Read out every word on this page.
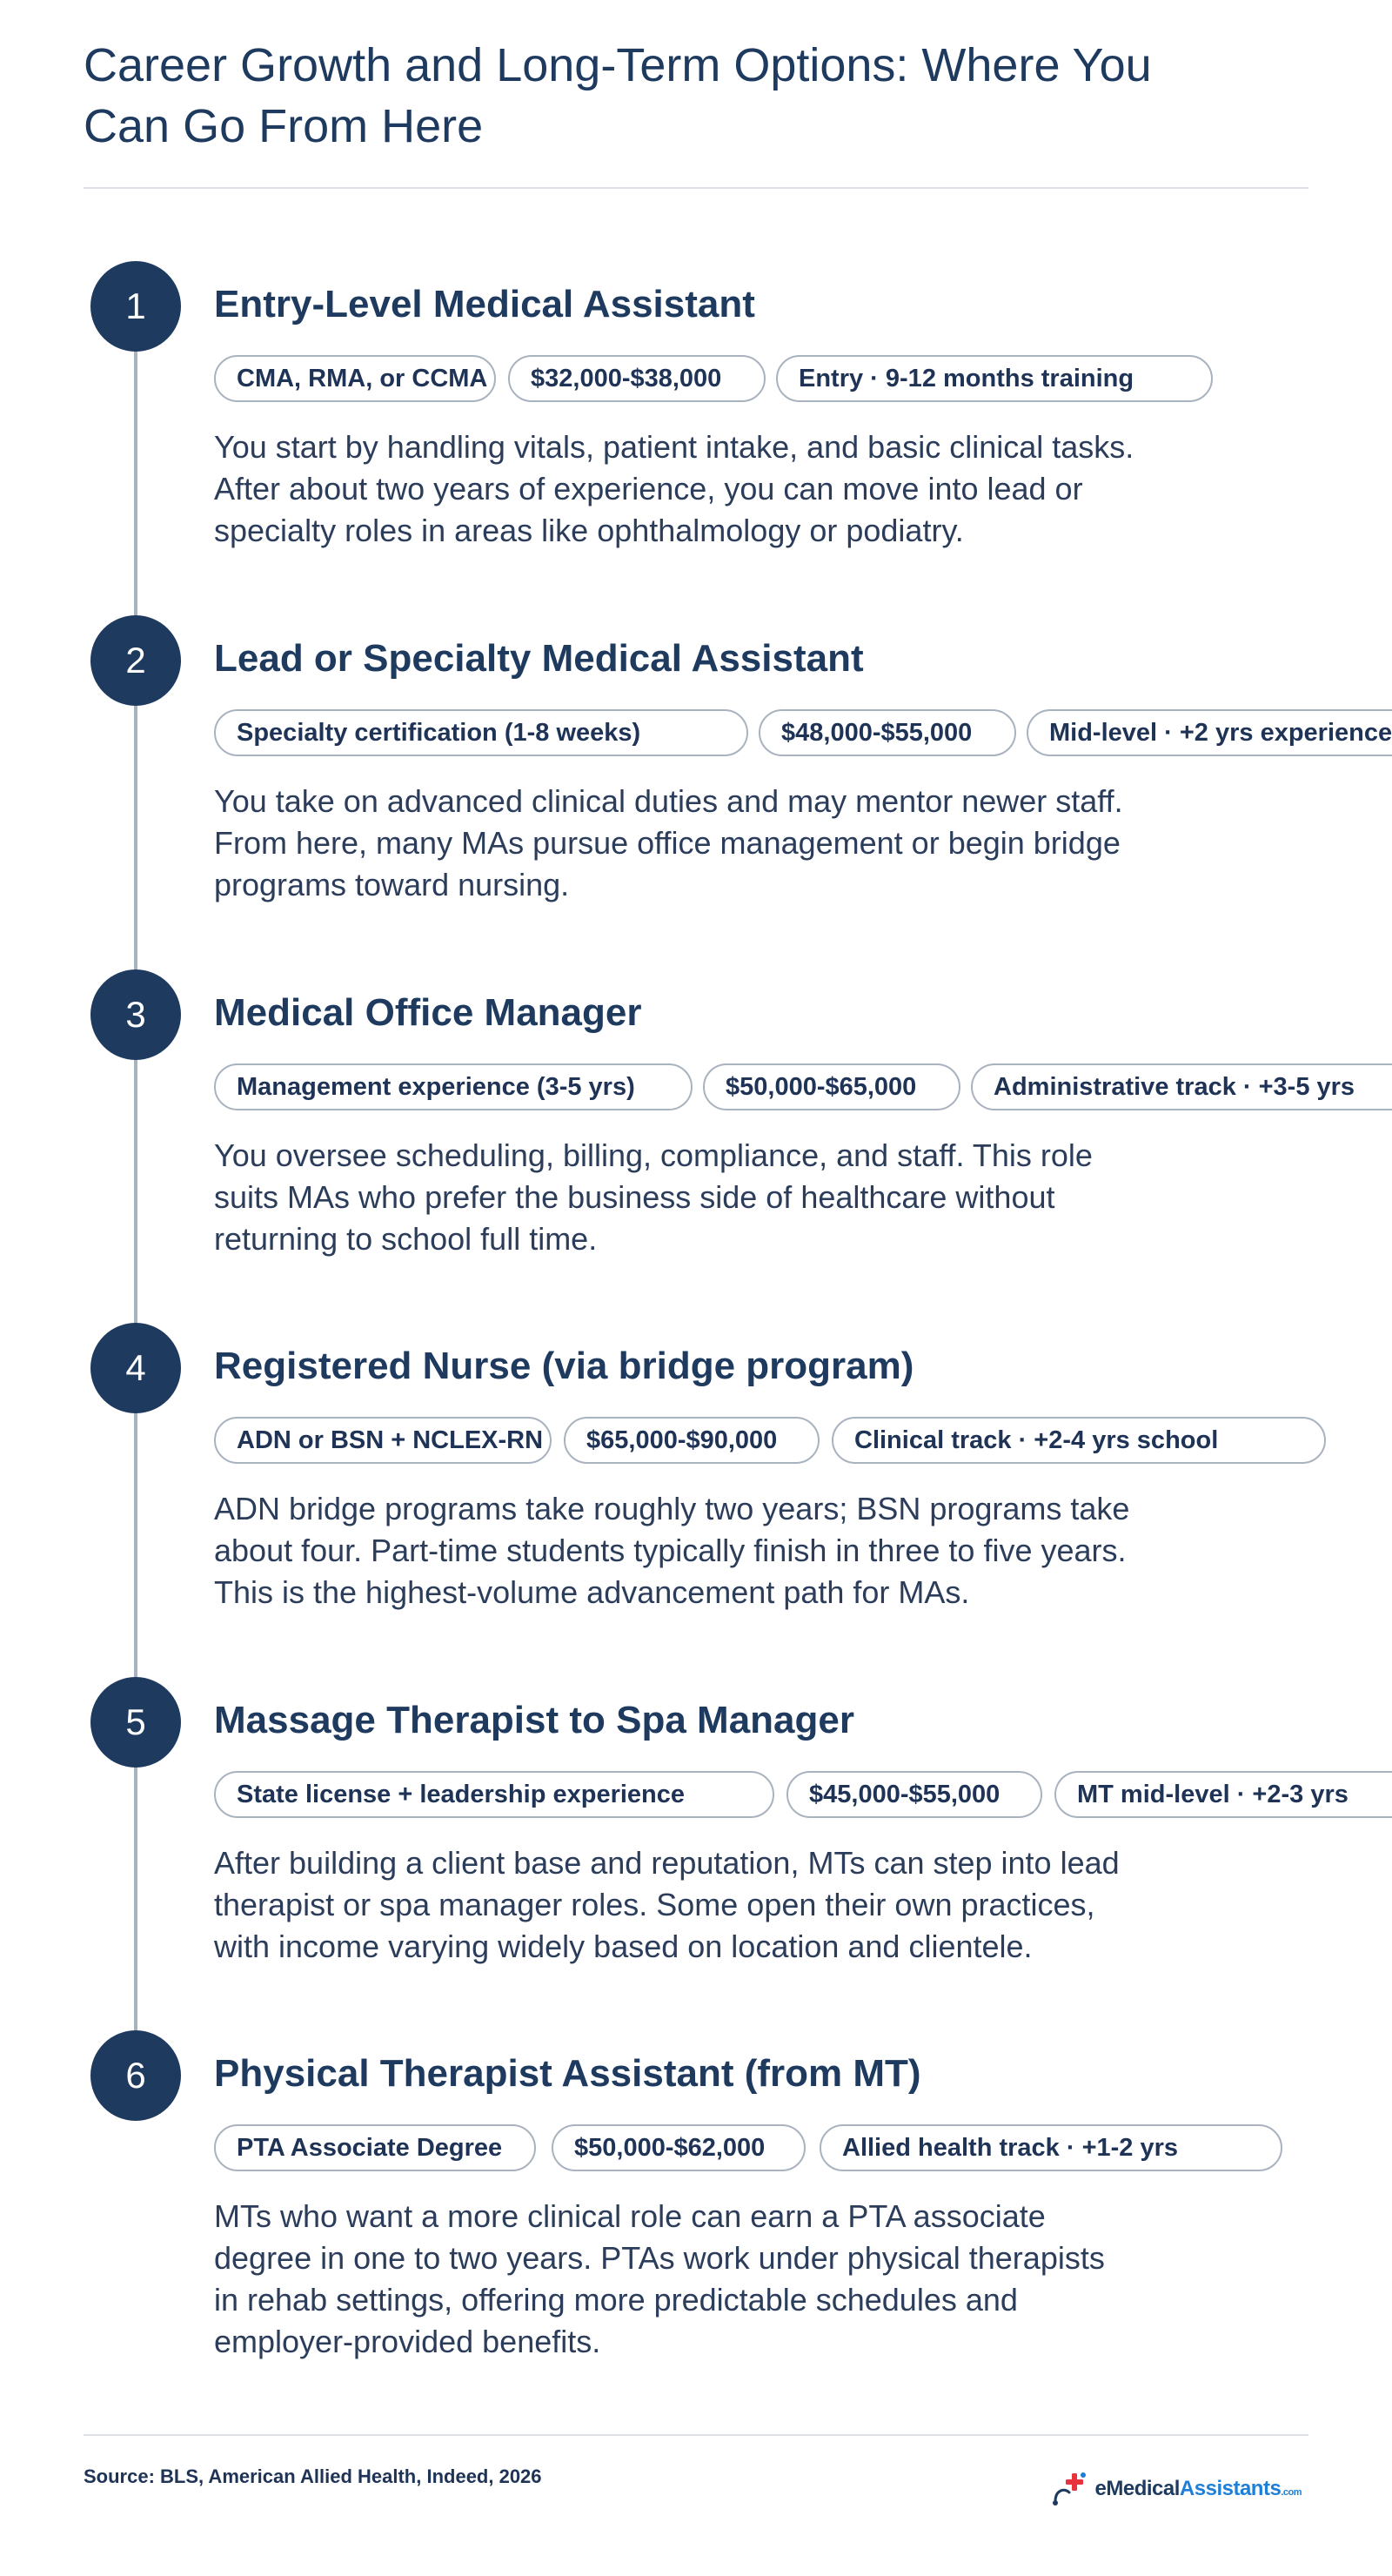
Career Growth and Long-Term Options: Where You Can Go From Here
1	Entry-Level Medical Assistant
CMA, RMA, or CCMA	$32,000-$38,000	Entry · 9-12 months training

You start by handling vitals, patient intake, and basic clinical tasks. After about two years of experience, you can move into lead or specialty roles in areas like ophthalmology or podiatry.

2	Lead or Specialty Medical Assistant
Specialty certification (1-8 weeks)	$48,000-$55,000	Mid-level · +2 yrs experience

You take on advanced clinical duties and may mentor newer staff. From here, many MAs pursue office management or begin bridge programs toward nursing.

3	Medical Office Manager
Management experience (3-5 yrs)	$50,000-$65,000	Administrative track · +3-5 yrs

You oversee scheduling, billing, compliance, and staff. This role suits MAs who prefer the business side of healthcare without returning to school full time.

4	Registered Nurse (via bridge program)
ADN or BSN + NCLEX-RN	$65,000-$90,000	Clinical track · +2-4 yrs school

ADN bridge programs take roughly two years; BSN programs take about four. Part-time students typically finish in three to five years. This is the highest-volume advancement path for MAs.

5	Massage Therapist to Spa Manager
State license + leadership experience	$45,000-$55,000	MT mid-level · +2-3 yrs

After building a client base and reputation, MTs can step into lead therapist or spa manager roles. Some open their own practices, with income varying widely based on location and clientele.

6	Physical Therapist Assistant (from MT)
PTA Associate Degree	$50,000-$62,000	Allied health track · +1-2 yrs

MTs who want a more clinical role can earn a PTA associate degree in one to two years. PTAs work under physical therapists in rehab settings, offering more predictable schedules and employer-provided benefits.

Source: BLS, American Allied Health, Indeed, 2026

eMedicalAssistants.com
